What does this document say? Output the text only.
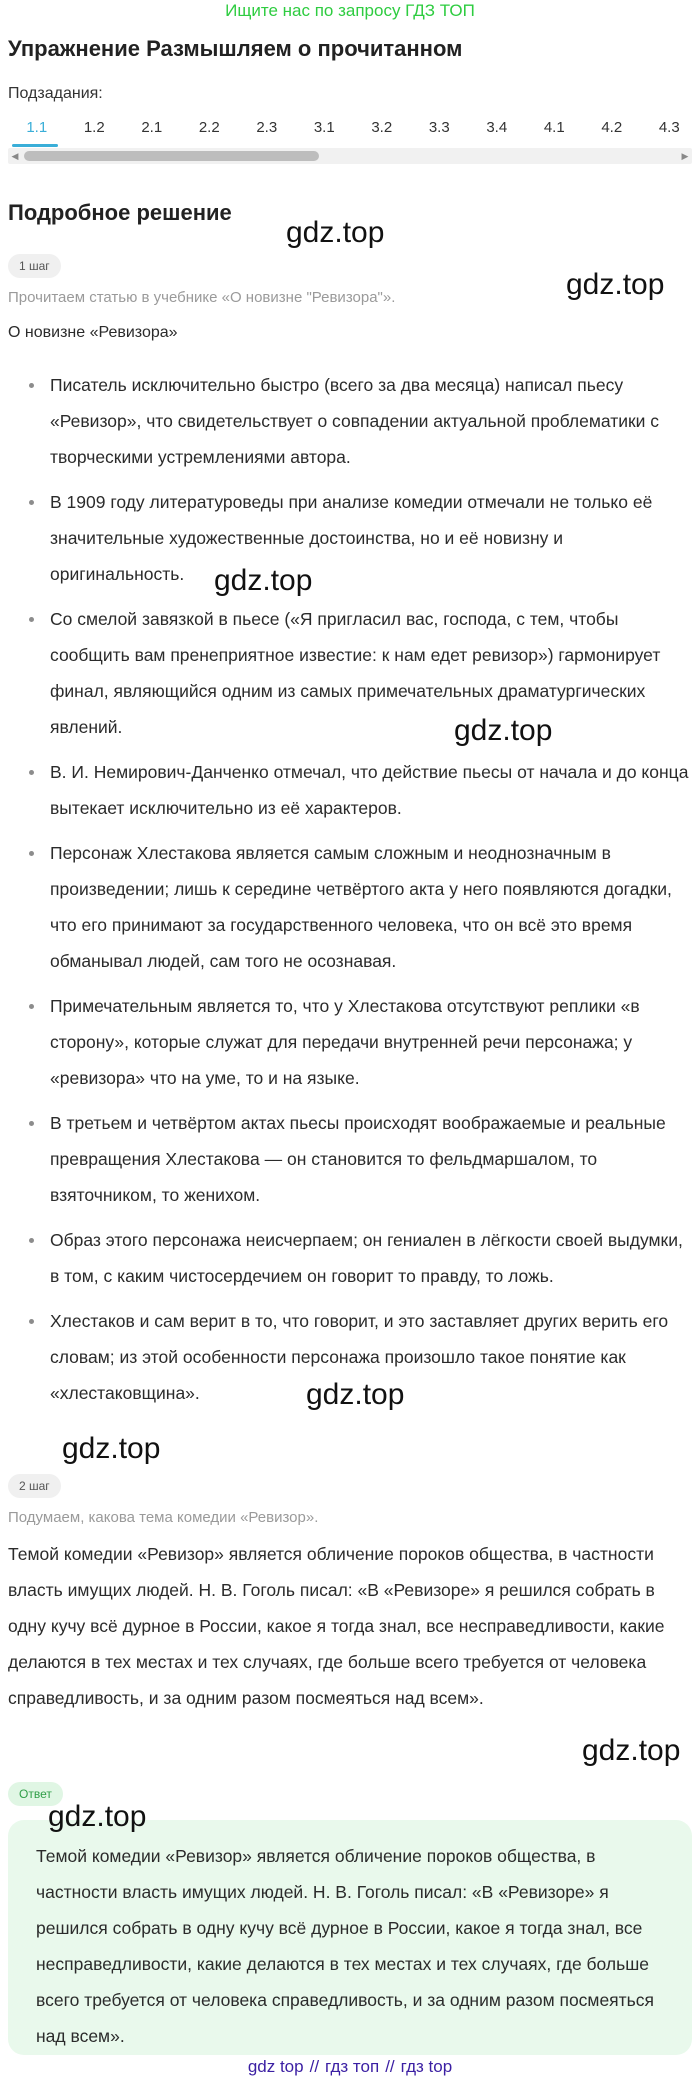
Ищите нас по запросу ГДЗ ТОП
Упражнение Размышляем о прочитанном
Подзадания:
1.1	1.2	2.1	2.2	2.3	3.1	3.2	3.3	3.4	4.1	4.2	4.3
◀	▶
Подробное решение
gdz.top
gdz.top
1 шаг
Прочитаем статью в учебнике «О новизне "Ревизора"».
О новизне «Ревизора»
Писатель исключительно быстро (всего за два месяца) написал пьесу «Ревизор», что свидетельствует о совпадении актуальной проблематики с творческими устремлениями автора.
В 1909 году литературоведы при анализе комедии отмечали не только её значительные художественные достоинства, но и её новизну и оригинальность.
Со смелой завязкой в пьесе («Я пригласил вас, господа, с тем, чтобы сообщить вам пренеприятное известие: к нам едет ревизор») гармонирует финал, являющийся одним из самых примечательных драматургических явлений.
В. И. Немирович-Данченко отмечал, что действие пьесы от начала и до конца вытекает исключительно из её характеров.
Персонаж Хлестакова является самым сложным и неоднозначным в произведении; лишь к середине четвёртого акта у него появляются догадки, что его принимают за государственного человека, что он всё это время обманывал людей, сам того не осознавая.
Примечательным является то, что у Хлестакова отсутствуют реплики «в сторону», которые служат для передачи внутренней речи персонажа; у «ревизора» что на уме, то и на языке.
В третьем и четвёртом актах пьесы происходят воображаемые и реальные превращения Хлестакова — он становится то фельдмаршалом, то взяточником, то женихом.
Образ этого персонажа неисчерпаем; он гениален в лёгкости своей выдумки, в том, с каким чистосердечием он говорит то правду, то ложь.
Хлестаков и сам верит в то, что говорит, и это заставляет других верить его словам; из этой особенности персонажа произошло такое понятие как «хлестаковщина».
gdz.top
gdz.top
gdz.top
gdz.top
2 шаг
Подумаем, какова тема комедии «Ревизор».
Темой комедии «Ревизор» является обличение пороков общества, в частности власть имущих людей. Н. В. Гоголь писал: «В «Ревизоре» я решился собрать в одну кучу всё дурное в России, какое я тогда знал, все несправедливости, какие делаются в тех местах и тех случаях, где больше всего требуется от человека справедливость, и за одним разом посмеяться над всем».
gdz.top
Ответ
Темой комедии «Ревизор» является обличение пороков общества, в частности власть имущих людей. Н. В. Гоголь писал: «В «Ревизоре» я решился собрать в одну кучу всё дурное в России, какое я тогда знал, все несправедливости, какие делаются в тех местах и тех случаях, где больше всего требуется от человека справедливость, и за одним разом посмеяться над всем».
gdz.top
gdz top // гдз топ // гдз top
